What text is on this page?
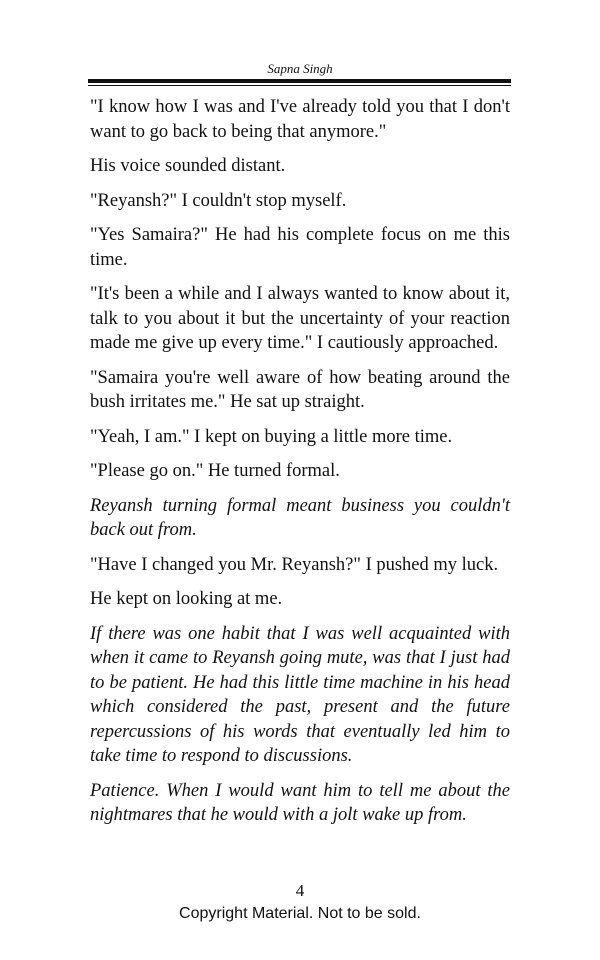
Sapna Singh

"I know how I was and I've already told you that I don't want to go back to being that anymore."

His voice sounded distant.

"Reyansh?" I couldn't stop myself.

"Yes Samaira?" He had his complete focus on me this time.

"It's been a while and I always wanted to know about it, talk to you about it but the uncertainty of your reaction made me give up every time." I cautiously approached.

"Samaira you're well aware of how beating around the bush irritates me." He sat up straight.

"Yeah, I am." I kept on buying a little more time.

"Please go on." He turned formal.

Reyansh turning formal meant business you couldn't back out from.

"Have I changed you Mr. Reyansh?" I pushed my luck.

He kept on looking at me.

If there was one habit that I was well acquainted with when it came to Reyansh going mute, was that I just had to be patient. He had this little time machine in his head which considered the past, present and the future repercussions of his words that eventually led him to take time to respond to discussions.

Patience. When I would want him to tell me about the nightmares that he would with a jolt wake up from.

4
Copyright Material. Not to be sold.
